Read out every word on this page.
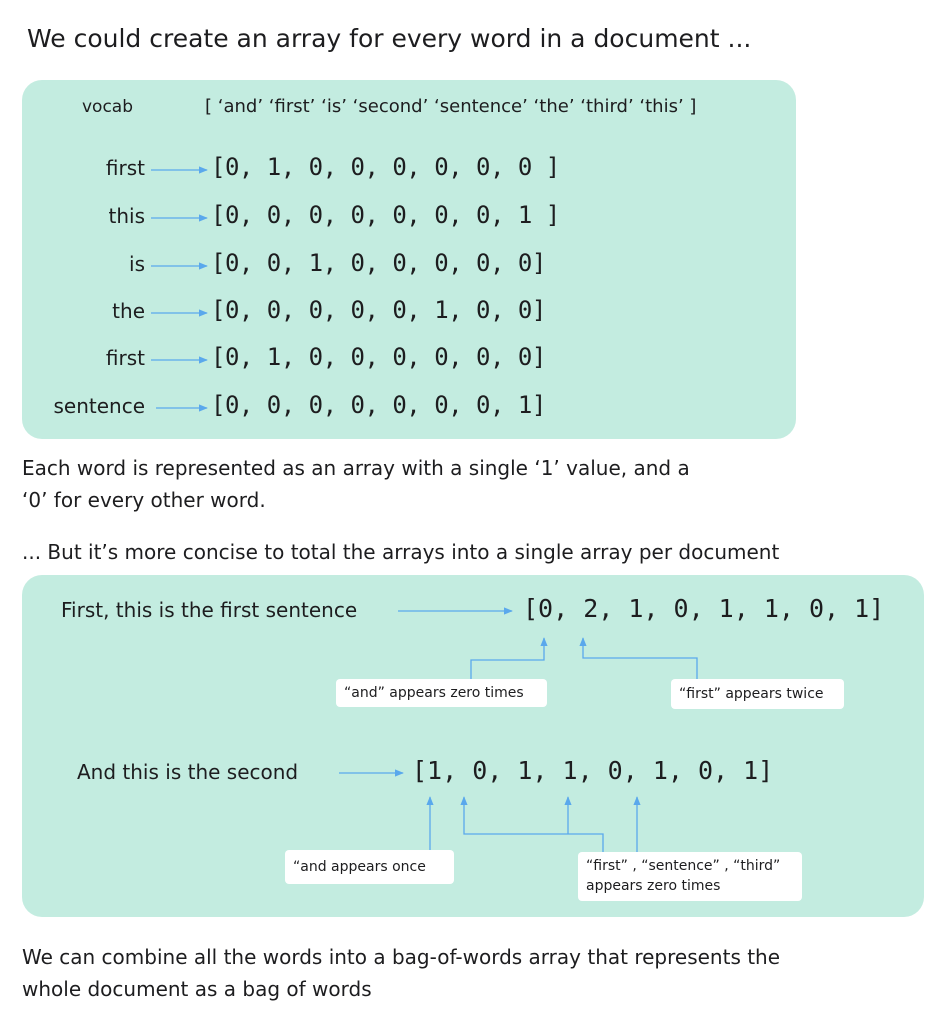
We could create an array for every word in a document ...
vocab	[ ‘and’ ‘first’ ‘is’ ‘second’ ‘sentence’ ‘the’ ‘third’ ‘this’ ]
first	[0, 1, 0, 0, 0, 0, 0, 0 ]
this	[0, 0, 0, 0, 0, 0, 0, 1 ]
is	[0, 0, 1, 0, 0, 0, 0, 0]
the	[0, 0, 0, 0, 0, 1, 0, 0]
first	[0, 1, 0, 0, 0, 0, 0, 0]
sentence	[0, 0, 0, 0, 0, 0, 0, 1]
Each word is represented as an array with a single ‘1’ value, and a
‘0’ for every other word.
... But it’s more concise to total the arrays into a single array per document
First, this is the first sentence	[0, 2, 1, 0, 1, 1, 0, 1]
“and” appears zero times	“first” appears twice
And this is the second	[1, 0, 1, 1, 0, 1, 0, 1]
“and appears once	“first” , “sentence” , “third”
appears zero times
We can combine all the words into a bag-of-words array that represents the
whole document as a bag of words
